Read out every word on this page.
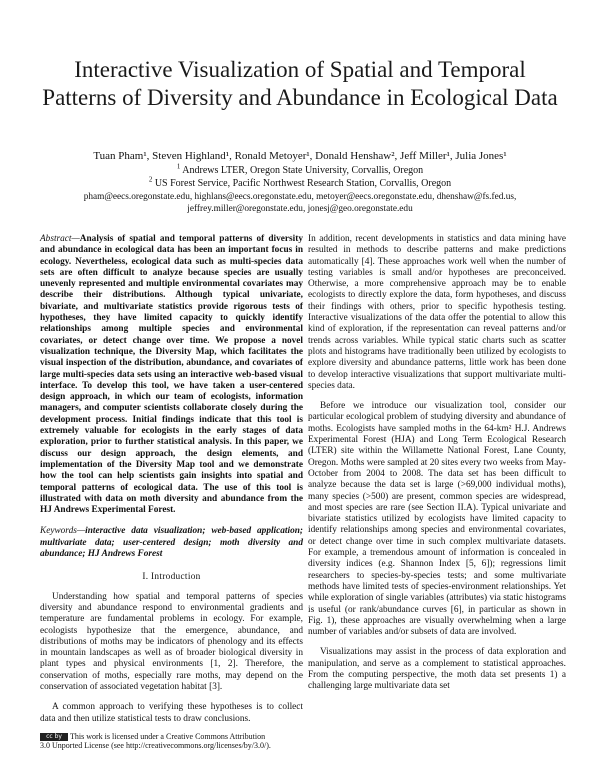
Interactive Visualization of Spatial and Temporal Patterns of Diversity and Abundance in Ecological Data
Tuan Pham¹, Steven Highland¹, Ronald Metoyer¹, Donald Henshaw², Jeff Miller¹, Julia Jones¹
$^1$ Andrews LTER, Oregon State University, Corvallis, Oregon
$^2$ US Forest Service, Pacific Northwest Research Station, Corvallis, Oregon
pham@eecs.oregonstate.edu, highlans@eecs.oregonstate.edu, metoyer@eecs.oregonstate.edu, dhenshaw@fs.fed.us,
jeffrey.miller@oregonstate.edu, jonesj@geo.oregonstate.edu

Abstract—Analysis of spatial and temporal patterns of diversity and abundance in ecological data has been an important focus in ecology. Nevertheless, ecological data such as multi-species data sets are often difficult to analyze because species are usually unevenly represented and multiple environmental covariates may describe their distributions. Although typical univariate, bivariate, and multivariate statistics provide rigorous tests of hypotheses, they have limited capacity to quickly identify relationships among multiple species and environmental covariates, or detect change over time. We propose a novel visualization technique, the Diversity Map, which facilitates the visual inspection of the distribution, abundance, and covariates of large multi-species data sets using an interactive web-based visual interface. To develop this tool, we have taken a user-centered design approach, in which our team of ecologists, information managers, and computer scientists collaborate closely during the development process. Initial findings indicate that this tool is extremely valuable for ecologists in the early stages of data exploration, prior to further statistical analysis. In this paper, we discuss our design approach, the design elements, and implementation of the Diversity Map tool and we demonstrate how the tool can help scientists gain insights into spatial and temporal patterns of ecological data. The use of this tool is illustrated with data on moth diversity and abundance from the HJ Andrews Experimental Forest.

Keywords—interactive data visualization; web-based application; multivariate data; user-centered design; moth diversity and abundance; HJ Andrews Forest

I. Introduction

Understanding how spatial and temporal patterns of species diversity and abundance respond to environmental gradients and temperature are fundamental problems in ecology. For example, ecologists hypothesize that the emergence, abundance, and distributions of moths may be indicators of phenology and its effects in mountain landscapes as well as of broader biological diversity in plant types and physical environments [1, 2]. Therefore, the conservation of moths, especially rare moths, may depend on the conservation of associated vegetation habitat [3].

A common approach to verifying these hypotheses is to collect data and then utilize statistical tests to draw conclusions.

In addition, recent developments in statistics and data mining have resulted in methods to describe patterns and make predictions automatically [4]. These approaches work well when the number of testing variables is small and/or hypotheses are preconceived. Otherwise, a more comprehensive approach may be to enable ecologists to directly explore the data, form hypotheses, and discuss their findings with others, prior to specific hypothesis testing. Interactive visualizations of the data offer the potential to allow this kind of exploration, if the representation can reveal patterns and/or trends across variables. While typical static charts such as scatter plots and histograms have traditionally been utilized by ecologists to explore diversity and abundance patterns, little work has been done to develop interactive visualizations that support multivariate multi-species data.

Before we introduce our visualization tool, consider our particular ecological problem of studying diversity and abundance of moths. Ecologists have sampled moths in the 64-km² H.J. Andrews Experimental Forest (HJA) and Long Term Ecological Research (LTER) site within the Willamette National Forest, Lane County, Oregon. Moths were sampled at 20 sites every two weeks from May-October from 2004 to 2008. The data set has been difficult to analyze because the data set is large (>69,000 individual moths), many species (>500) are present, common species are widespread, and most species are rare (see Section II.A). Typical univariate and bivariate statistics utilized by ecologists have limited capacity to identify relationships among species and environmental covariates, or detect change over time in such complex multivariate datasets. For example, a tremendous amount of information is concealed in diversity indices (e.g. Shannon Index [5, 6]); regressions limit researchers to species-by-species tests; and some multivariate methods have limited tests of species-environment relationships. Yet while exploration of single variables (attributes) via static histograms is useful (or rank/abundance curves [6], in particular as shown in Fig. 1), these approaches are visually overwhelming when a large number of variables and/or subsets of data are involved.

Visualizations may assist in the process of data exploration and manipulation, and serve as a complement to statistical approaches. From the computing perspective, the moth data set presents 1) a challenging large multivariate data set

cc by This work is licensed under a Creative Commons Attribution
3.0 Unported License (see http://creativecommons.org/licenses/by/3.0/).
